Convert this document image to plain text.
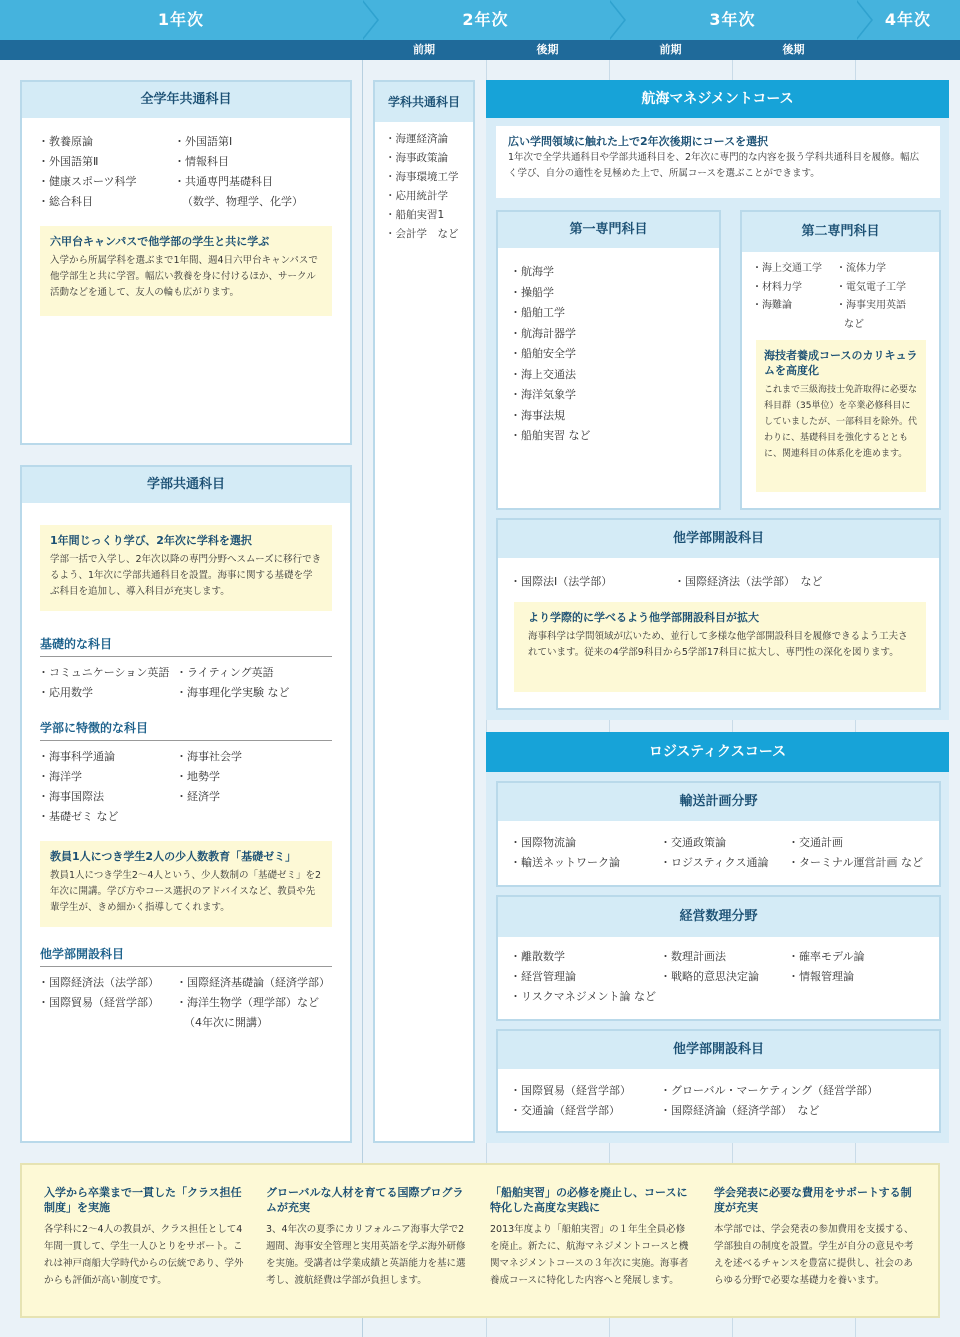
1年次	2年次	3年次	4年次
前期	後期	前期	後期
全学年共通科目
・ 教養原論
・ 外国語第Ⅱ
・ 健康スポーツ科学
・ 総合科目
・ 外国語第Ⅰ
・ 情報科目
・ 共通専門基礎科目
（数学、物理学、化学）
六甲台キャンパスで他学部の学生と共に学ぶ
入学から所属学科を選ぶまで1年間、週4日六甲台キャンパスで他学部生と共に学習。幅広い教養を身に付けるほか、サークル活動などを通して、友人の輪も広がります。
学部共通科目
1年間じっくり学び、2年次に学科を選択
学部一括で入学し、2年次以降の専門分野へスムーズに移行できるよう、1年次に学部共通科目を設置。海事に関する基礎を学ぶ科目を追加し、導入科目が充実します。
基礎的な科目
・ コミュニケーション英語
・ 応用数学
・ ライティング英語
・ 海事理化学実験 など
学部に特徴的な科目
・ 海事科学通論
・ 海洋学
・ 海事国際法
・ 基礎ゼミ など
・ 海事社会学
・ 地勢学
・ 経済学
教員1人につき学生2人の少人数教育「基礎ゼミ」
教員1人につき学生2〜4人という、少人数制の「基礎ゼミ」を2年次に開講。学び方やコース選択のアドバイスなど、教員や先輩学生が、きめ細かく指導してくれます。
他学部開設科目
・ 国際経済法（法学部）
・ 国際貿易（経営学部）
・ 国際経済基礎論（経済学部）
・ 海洋生物学（理学部）など
（4年次に開講）
学科共通科目
・ 海運経済論
・ 海事政策論
・ 海事環境工学
・ 応用統計学
・ 船舶実習1
・ 会計学　など
航海マネジメントコース
広い学問領域に触れた上で2年次後期にコースを選択
1年次で全学共通科目や学部共通科目を、2年次に専門的な内容を扱う学科共通科目を履修。幅広く学び、自分の適性を見極めた上で、所属コースを選ぶことができます。
第一専門科目
・ 航海学
・ 操船学
・ 船舶工学
・ 航海計器学
・ 船舶安全学
・ 海上交通法
・ 海洋気象学
・ 海事法規
・ 船舶実習 など
第二専門科目
・ 海上交通工学
・ 材料力学
・ 海難論
・ 流体力学
・ 電気電子工学
・ 海事実用英語
など
海技者養成コースのカリキュラムを高度化
これまで三級海技士免許取得に必要な科目群（35単位）を卒業必修科目にしていましたが、一部科目を除外。代わりに、基礎科目を強化するとともに、関連科目の体系化を進めます。
他学部開設科目
・ 国際法Ⅰ（法学部）
・	国際経済法（法学部）　など
より学際的に学べるよう他学部開設科目が拡大
海事科学は学問領域が広いため、並行して多様な他学部開設科目を履修できるよう工夫されています。従来の4学部9科目から5学部17科目に拡大し、専門性の深化を図ります。
ロジスティクスコース
輸送計画分野
・ 国際物流論
・ 輸送ネットワーク論
・ 交通政策論
・ ロジスティクス通論
・ 交通計画
・ ターミナル運営計画 など
経営数理分野
・ 離散数学
・ 経営管理論
・ リスクマネジメント論 など
・ 数理計画法
・ 戦略的意思決定論
・ 確率モデル論
・ 情報管理論
他学部開設科目
・ 国際貿易（経営学部）
・ 交通論（経営学部）
・ グローバル・マーケティング（経営学部）
・ 国際経済論（経済学部）　など
入学から卒業まで一貫した「クラス担任制度」を実施
各学科に2〜4人の教員が、クラス担任として4年間一貫して、学生一人ひとりをサポート。これは神戸商船大学時代からの伝統であり、学外からも評価が高い制度です。
グローバルな人材を育てる国際プログラムが充実
3、4年次の夏季にカリフォルニア海事大学で2週間、海事安全管理と実用英語を学ぶ海外研修を実施。受講者は学業成績と英語能力を基に選考し、渡航経費は学部が負担します。
「船舶実習」の必修を廃止し、コースに特化した高度な実践に
2013年度より「船舶実習」の１年生全員必修を廃止。新たに、航海マネジメントコースと機関マネジメントコースの３年次に実施。海事者養成コースに特化した内容へと発展します。
学会発表に必要な費用をサポートする制度が充実
本学部では、学会発表の参加費用を支援する、学部独自の制度を設置。学生が自分の意見や考えを述べるチャンスを豊富に提供し、社会のあらゆる分野で必要な基礎力を養います。
